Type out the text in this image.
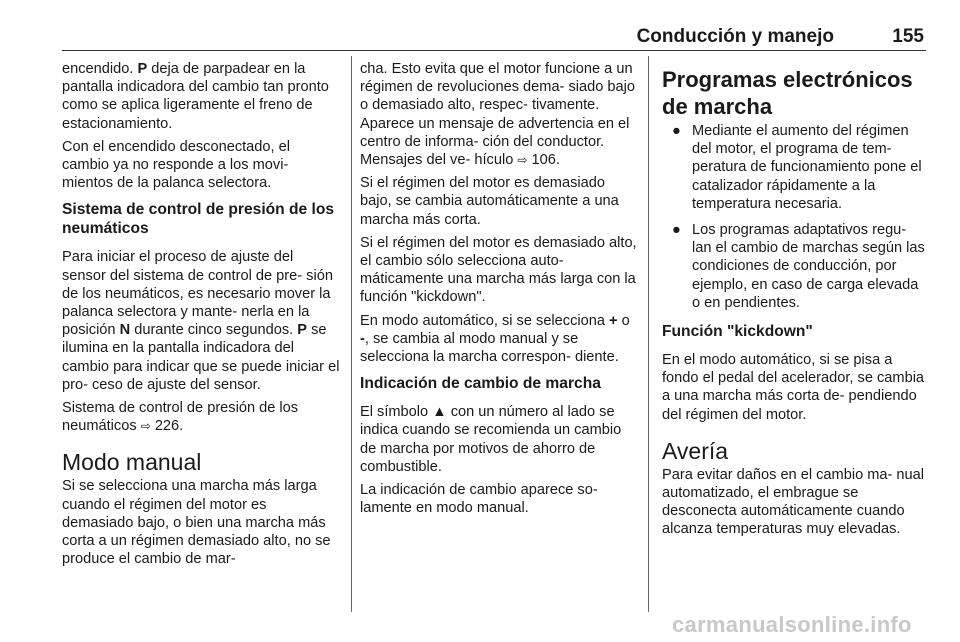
Conducción y manejo	155

encendido. P deja de parpadear en la pantalla indicadora del cambio tan pronto como se aplica ligeramente el freno de estacionamiento.

Con el encendido desconectado, el cambio ya no responde a los movi- mientos de la palanca selectora.

Sistema de control de presión de los neumáticos

Para iniciar el proceso de ajuste del sensor del sistema de control de pre- sión de los neumáticos, es necesario mover la palanca selectora y mante- nerla en la posición N durante cinco segundos. P se ilumina en la pantalla indicadora del cambio para indicar que se puede iniciar el pro- ceso de ajuste del sensor.

Sistema de control de presión de los neumáticos ⇨ 226.

Modo manual

Si se selecciona una marcha más larga cuando el régimen del motor es demasiado bajo, o bien una marcha más corta a un régimen demasiado alto, no se produce el cambio de mar-

cha. Esto evita que el motor funcione a un régimen de revoluciones dema- siado bajo o demasiado alto, respec- tivamente. Aparece un mensaje de advertencia en el centro de informa- ción del conductor. Mensajes del ve- hículo ⇨ 106.

Si el régimen del motor es demasiado bajo, se cambia automáticamente a una marcha más corta.

Si el régimen del motor es demasiado alto, el cambio sólo selecciona auto- máticamente una marcha más larga con la función "kickdown".

En modo automático, si se selecciona + o -, se cambia al modo manual y se selecciona la marcha correspon- diente.

Indicación de cambio de marcha

El símbolo ▲ con un número al lado se indica cuando se recomienda un cambio de marcha por motivos de ahorro de combustible.

La indicación de cambio aparece so- lamente en modo manual.

Programas electrónicos de marcha
● Mediante el aumento del régimen del motor, el programa de tem- peratura de funcionamiento pone el catalizador rápidamente a la temperatura necesaria.
● Los programas adaptativos regu- lan el cambio de marchas según las condiciones de conducción, por ejemplo, en caso de carga elevada o en pendientes.
Función "kickdown"

En el modo automático, si se pisa a fondo el pedal del acelerador, se cambia a una marcha más corta de- pendiendo del régimen del motor.

Avería

Para evitar daños en el cambio ma- nual automatizado, el embrague se desconecta automáticamente cuando alcanza temperaturas muy elevadas.

carmanualsonline.info
